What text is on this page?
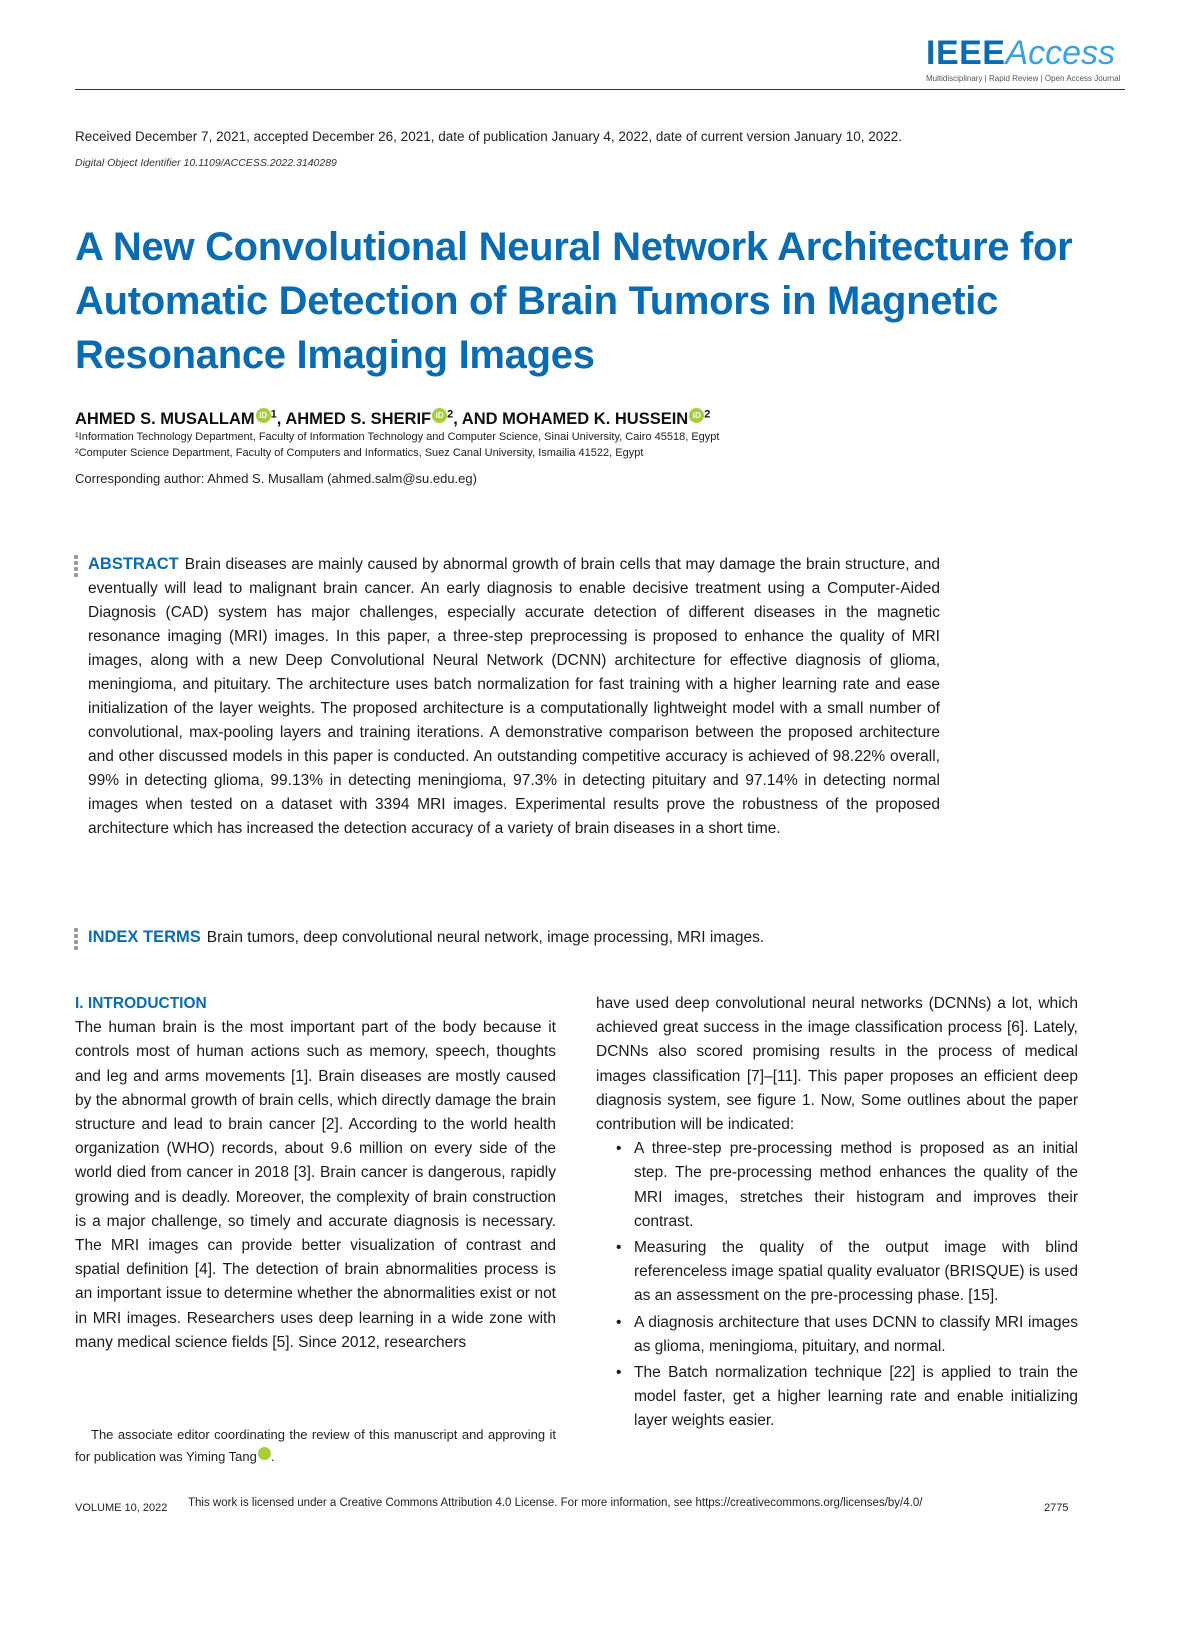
IEEEAccess
Multidisciplinary | Rapid Review | Open Access Journal
Received December 7, 2021, accepted December 26, 2021, date of publication January 4, 2022, date of current version January 10, 2022.
Digital Object Identifier 10.1109/ACCESS.2022.3140289
A New Convolutional Neural Network Architecture for Automatic Detection of Brain Tumors in Magnetic Resonance Imaging Images
AHMED S. MUSALLAM iD $^1$, AHMED S. SHERIF iD $^2$, AND MOHAMED K. HUSSEIN iD $^2$
¹Information Technology Department, Faculty of Information Technology and Computer Science, Sinai University, Cairo 45518, Egypt
²Computer Science Department, Faculty of Computers and Informatics, Suez Canal University, Ismailia 41522, Egypt
Corresponding author: Ahmed S. Musallam (ahmed.salm@su.edu.eg)
ABSTRACT Brain diseases are mainly caused by abnormal growth of brain cells that may damage the brain structure, and eventually will lead to malignant brain cancer. An early diagnosis to enable decisive treatment using a Computer-Aided Diagnosis (CAD) system has major challenges, especially accurate detection of different diseases in the magnetic resonance imaging (MRI) images. In this paper, a three-step preprocessing is proposed to enhance the quality of MRI images, along with a new Deep Convolutional Neural Network (DCNN) architecture for effective diagnosis of glioma, meningioma, and pituitary. The architecture uses batch normalization for fast training with a higher learning rate and ease initialization of the layer weights. The proposed architecture is a computationally lightweight model with a small number of convolutional, max-pooling layers and training iterations. A demonstrative comparison between the proposed architecture and other discussed models in this paper is conducted. An outstanding competitive accuracy is achieved of 98.22% overall, 99% in detecting glioma, 99.13% in detecting meningioma, 97.3% in detecting pituitary and 97.14% in detecting normal images when tested on a dataset with 3394 MRI images. Experimental results prove the robustness of the proposed architecture which has increased the detection accuracy of a variety of brain diseases in a short time.
INDEX TERMS Brain tumors, deep convolutional neural network, image processing, MRI images.
I. INTRODUCTION

The human brain is the most important part of the body because it controls most of human actions such as memory, speech, thoughts and leg and arms movements [1]. Brain diseases are mostly caused by the abnormal growth of brain cells, which directly damage the brain structure and lead to brain cancer [2]. According to the world health organization (WHO) records, about 9.6 million on every side of the world died from cancer in 2018 [3]. Brain cancer is dangerous, rapidly growing and is deadly. Moreover, the complexity of brain construction is a major challenge, so timely and accurate diagnosis is necessary. The MRI images can provide better visualization of contrast and spatial definition [4]. The detection of brain abnormalities process is an important issue to determine whether the abnormalities exist or not in MRI images. Researchers uses deep learning in a wide zone with many medical science fields [5]. Since 2012, researchers

have used deep convolutional neural networks (DCNNs) a lot, which achieved great success in the image classification process [6]. Lately, DCNNs also scored promising results in the process of medical images classification [7]–[11]. This paper proposes an efficient deep diagnosis system, see figure 1. Now, Some outlines about the paper contribution will be indicated:

• A three-step pre-processing method is proposed as an initial step. The pre-processing method enhances the quality of the MRI images, stretches their histogram and improves their contrast.
• Measuring the quality of the output image with blind referenceless image spatial quality evaluator (BRISQUE) is used as an assessment on the pre-processing phase. [15].
• A diagnosis architecture that uses DCNN to classify MRI images as glioma, meningioma, pituitary, and normal.
• The Batch normalization technique [22] is applied to train the model faster, get a higher learning rate and enable initializing layer weights easier.
The associate editor coordinating the review of this manuscript and approving it for publication was Yiming Tang iD.
VOLUME 10, 2022 This work is licensed under a Creative Commons Attribution 4.0 License. For more information, see https://creativecommons.org/licenses/by/4.0/	2775
